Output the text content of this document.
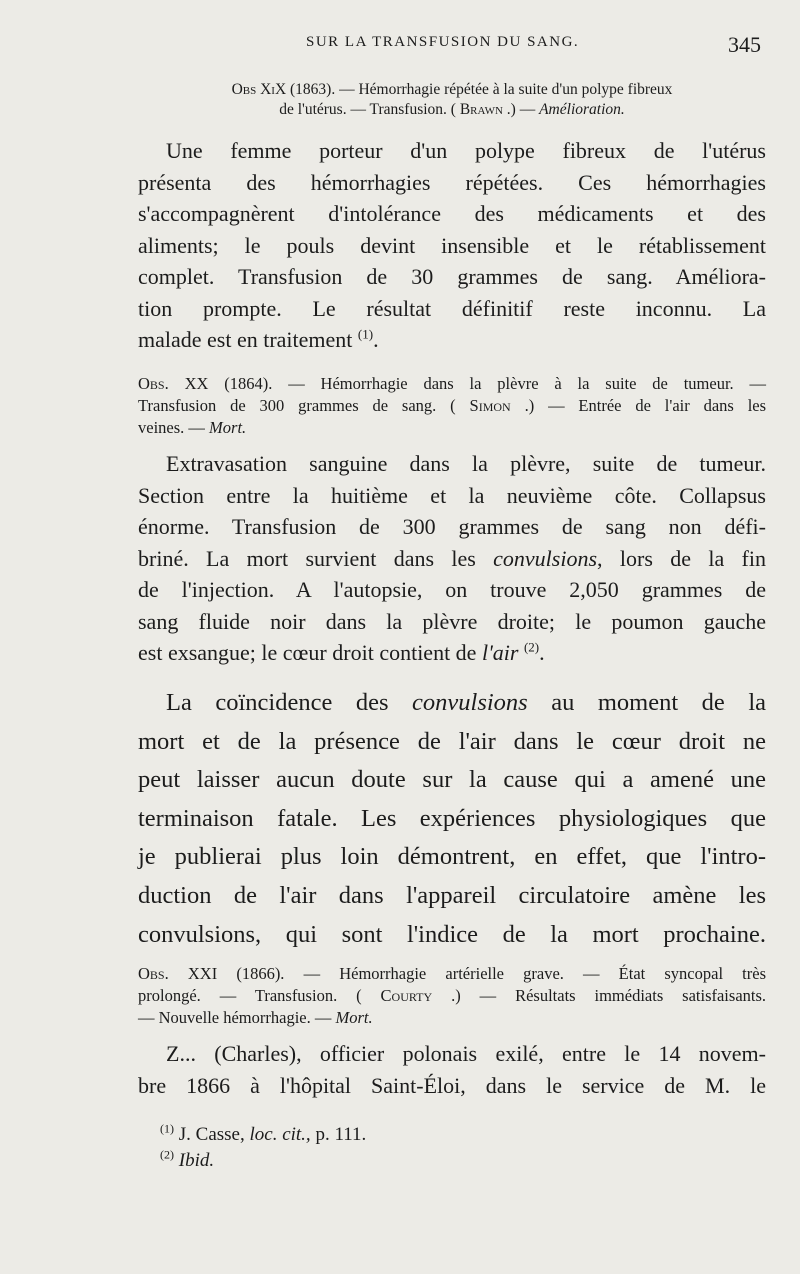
SUR LA TRANSFUSION DU SANG.	345
Obs XiX (1863). — Hémorrhagie répétée à la suite d'un polype fibreux
de l'utérus. — Transfusion. ( Brawn .) — Amélioration.
Une femme porteur d'un polype fibreux de l'utérus
présenta des hémorrhagies répétées. Ces hémorrhagies
s'accompagnèrent d'intolérance des médicaments et des
aliments; le pouls devint insensible et le rétablissement
complet. Transfusion de 30 grammes de sang. Améliora-
tion prompte. Le résultat définitif reste inconnu. La
malade est en traitement $^{(1)}$.
Obs. XX (1864). — Hémorrhagie dans la plèvre à la suite de tumeur. —
Transfusion de 300 grammes de sang. ( Simon .) — Entrée de l'air dans les
veines. — Mort.
Extravasation sanguine dans la plèvre, suite de tumeur.
Section entre la huitième et la neuvième côte. Collapsus
énorme. Transfusion de 300 grammes de sang non défi-
briné. La mort survient dans les convulsions, lors de la fin
de l'injection. A l'autopsie, on trouve 2,050 grammes de
sang fluide noir dans la plèvre droite; le poumon gauche
est exsangue; le cœur droit contient de l'air $^{(2)}$.
La coïncidence des convulsions au moment de la
mort et de la présence de l'air dans le cœur droit ne
peut laisser aucun doute sur la cause qui a amené une
terminaison fatale. Les expériences physiologiques que
je publierai plus loin démontrent, en effet, que l'intro-
duction de l'air dans l'appareil circulatoire amène les
convulsions, qui sont l'indice de la mort prochaine.
Obs. XXI (1866). — Hémorrhagie artérielle grave. — État syncopal très
prolongé. — Transfusion. ( Courty .) — Résultats immédiats satisfaisants.
— Nouvelle hémorrhagie. — Mort.
Z... (Charles), officier polonais exilé, entre le 14 novem-
bre 1866 à l'hôpital Saint-Éloi, dans le service de M. le
$^{(1)}$ J. Casse, loc. cit., p. 111.
$^{(2)}$ Ibid.
